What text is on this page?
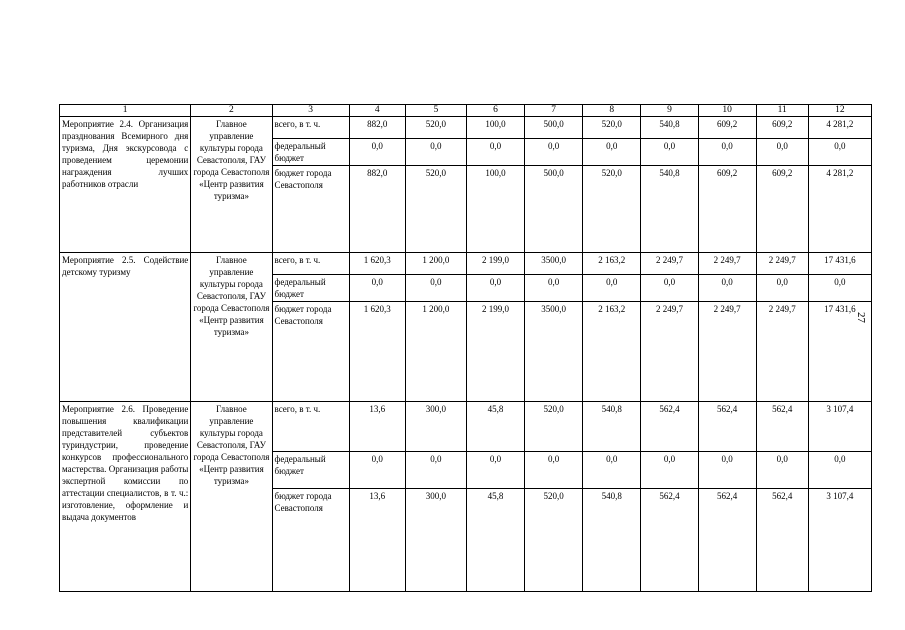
1	2	3	4	5	6	7	8	9	10	11	12
Мероприятие 2.4. Организация празднования Всемирного дня туризма, Дня экскурсовода с проведением церемонии награждения лучших работников отрасли	Главное управление культуры города Севастополя, ГАУ города Севастополя «Центр развития туризма»	всего, в т. ч.	882,0	520,0	100,0	500,0	520,0	540,8	609,2	609,2	4 281,2
		федеральный бюджет	0,0	0,0	0,0	0,0	0,0	0,0	0,0	0,0	0,0
		бюджет города Севастополя	882,0	520,0	100,0	500,0	520,0	540,8	609,2	609,2	4 281,2
Мероприятие 2.5. Содействие детскому туризму	Главное управление культуры города Севастополя, ГАУ города Севастополя «Центр развития туризма»	всего, в т. ч.	1 620,3	1 200,0	2 199,0	3500,0	2 163,2	2 249,7	2 249,7	2 249,7	17 431,6
		федеральный бюджет	0,0	0,0	0,0	0,0	0,0	0,0	0,0	0,0	0,0
		бюджет города Севастополя	1 620,3	1 200,0	2 199,0	3500,0	2 163,2	2 249,7	2 249,7	2 249,7	17 431,6
Мероприятие 2.6. Проведение повышения квалификации представителей субъектов туриндустрии, проведение конкурсов профессионального мастерства. Организация работы экспертной комиссии по аттестации специалистов, в т. ч.: изготовление, оформление и выдача документов	Главное управление культуры города Севастополя, ГАУ города Севастополя «Центр развития туризма»	всего, в т. ч.	13,6	300,0	45,8	520,0	540,8	562,4	562,4	562,4	3 107,4
		федеральный бюджет	0,0	0,0	0,0	0,0	0,0	0,0	0,0	0,0	0,0
		бюджет города Севастополя	13,6	300,0	45,8	520,0	540,8	562,4	562,4	562,4	3 107,4
27
